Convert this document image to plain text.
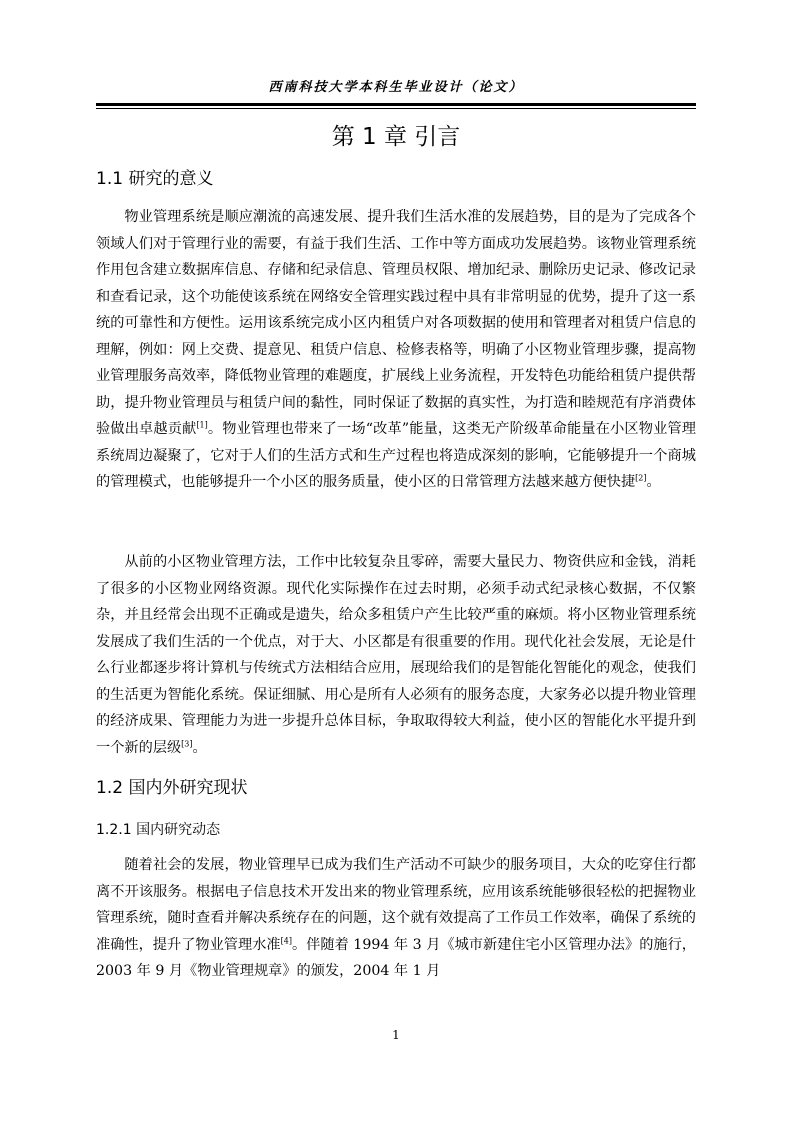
西南科技大学本科生毕业设计（论文）
第 1 章 引言
1.1 研究的意义

物业管理系统是顺应潮流的高速发展、提升我们生活水准的发展趋势，目的是为了完成各个领域人们对于管理行业的需要，有益于我们生活、工作中等方面成功发展趋势。该物业管理系统作用包含建立数据库信息、存储和纪录信息、管理员权限、增加纪录、删除历史记录、修改记录和查看记录，这个功能使该系统在网络安全管理实践过程中具有非常明显的优势，提升了这一系统的可靠性和方便性。运用该系统完成小区内租赁户对各项数据的使用和管理者对租赁户信息的理解，例如：网上交费、提意见、租赁户信息、检修表格等，明确了小区物业管理步骤，提高物业管理服务高效率，降低物业管理的难题度，扩展线上业务流程，开发特色功能给租赁户提供帮助，提升物业管理员与租赁户间的黏性，同时保证了数据的真实性，为打造和睦规范有序消费体验做出卓越贡献[1]。物业管理也带来了一场“改革”能量，这类无产阶级革命能量在小区物业管理系统周边凝聚了，它对于人们的生活方式和生产过程也将造成深刻的影响，它能够提升一个商城的管理模式，也能够提升一个小区的服务质量，使小区的日常管理方法越来越方便快捷[2]。

从前的小区物业管理方法，工作中比较复杂且零碎，需要大量民力、物资供应和金钱，消耗了很多的小区物业网络资源。现代化实际操作在过去时期，必须手动式纪录核心数据，不仅繁杂，并且经常会出现不正确或是遗失，给众多租赁户产生比较严重的麻烦。将小区物业管理系统发展成了我们生活的一个优点，对于大、小区都是有很重要的作用。现代化社会发展，无论是什么行业都逐步将计算机与传统式方法相结合应用，展现给我们的是智能化智能化的观念，使我们的生活更为智能化系统。保证细腻、用心是所有人必须有的服务态度，大家务必以提升物业管理的经济成果、管理能力为进一步提升总体目标，争取取得较大利益，使小区的智能化水平提升到一个新的层级[3]。

1.2 国内外研究现状
1.2.1 国内研究动态

随着社会的发展，物业管理早已成为我们生产活动不可缺少的服务项目，大众的吃穿住行都离不开该服务。根据电子信息技术开发出来的物业管理系统，应用该系统能够很轻松的把握物业管理系统，随时查看并解决系统存在的问题，这个就有效提高了工作员工作效率，确保了系统的准确性，提升了物业管理水准[4]。伴随着 1994 年 3 月《城市新建住宅小区管理办法》的施行，2003 年 9 月《物业管理规章》的颁发，2004 年 1 月

1
